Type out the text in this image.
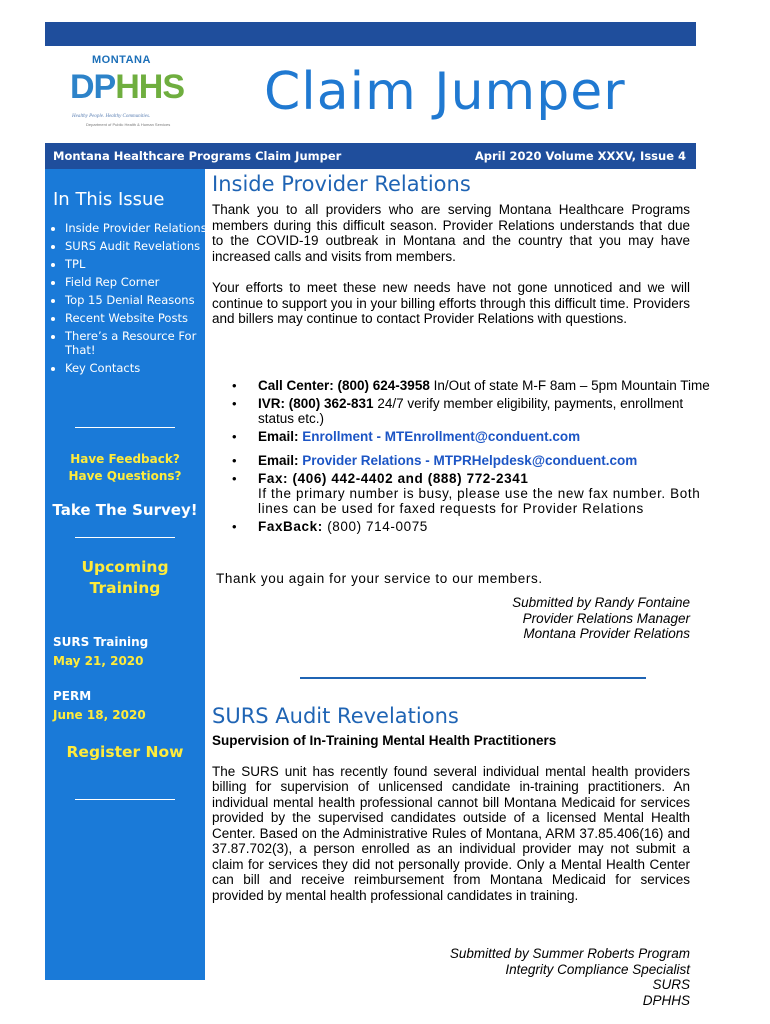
MONTANA
DPHHS
Healthy People. Healthy Communities.
Department of Public Health & Human Services
Claim Jumper
Montana Healthcare Programs Claim Jumper	April 2020 Volume XXXV, Issue 4
In This Issue
• Inside Provider Relations
• SURS Audit Revelations
• TPL
• Field Rep Corner
• Top 15 Denial Reasons
• Recent Website Posts
• There’s a Resource For That!
• Key Contacts
Have Feedback?
Have Questions?
Take The Survey!
Upcoming
Training
SURS Training
May 21, 2020
PERM
June 18, 2020
Register Now
Inside Provider Relations

Thank you to all providers who are serving Montana Healthcare Programs members during this difficult season. Provider Relations understands that due to the COVID-19 outbreak in Montana and the country that you may have increased calls and visits from members.

Your efforts to meet these new needs have not gone unnoticed and we will continue to support you in your billing efforts through this difficult time. Providers and billers may continue to contact Provider Relations with questions.

• Call Center: (800) 624-3958 In/Out of state M-F 8am – 5pm Mountain Time
• IVR: (800) 362-831 24/7 verify member eligibility, payments, enrollment status etc.)
• Email: Enrollment - MTEnrollment@conduent.com
• Email: Provider Relations - MTPRHelpdesk@conduent.com
• Fax: (406) 442-4402 and (888) 772-2341
If the primary number is busy, please use the new fax number. Both lines can be used for faxed requests for Provider Relations
• FaxBack: (800) 714-0075
Thank you again for your service to our members.
Submitted by Randy Fontaine
Provider Relations Manager
Montana Provider Relations
SURS Audit Revelations

Supervision of In-Training Mental Health Practitioners

The SURS unit has recently found several individual mental health providers billing for supervision of unlicensed candidate in-training practitioners. An individual mental health professional cannot bill Montana Medicaid for services provided by the supervised candidates outside of a licensed Mental Health Center. Based on the Administrative Rules of Montana, ARM 37.85.406(16) and 37.87.702(3), a person enrolled as an individual provider may not submit a claim for services they did not personally provide. Only a Mental Health Center can bill and receive reimbursement from Montana Medicaid for services provided by mental health professional candidates in training.

Submitted by Summer Roberts Program
Integrity Compliance Specialist
SURS
DPHHS
